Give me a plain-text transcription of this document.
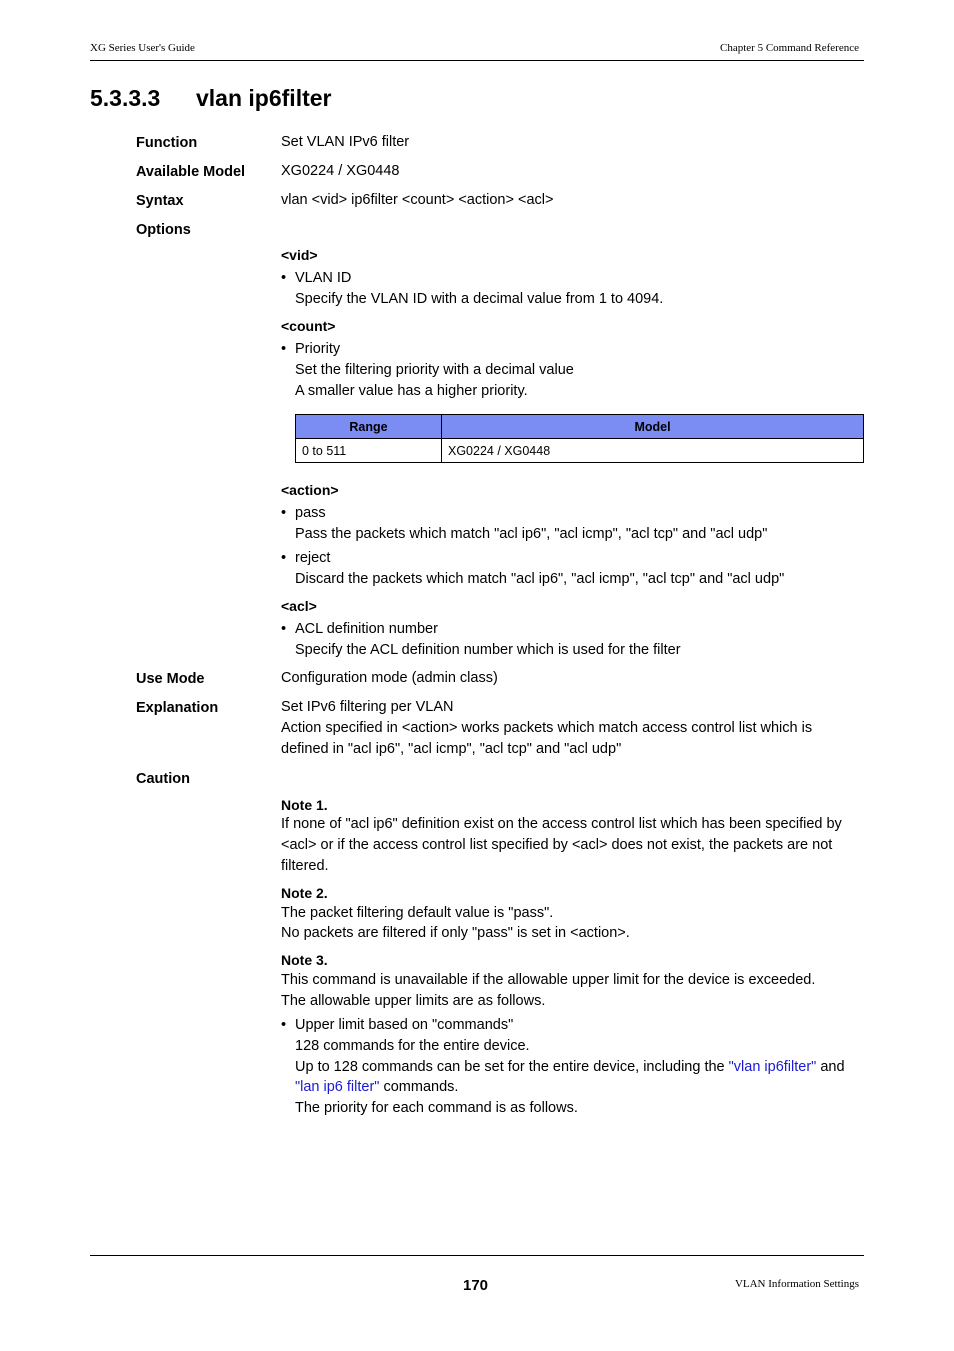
XG Series User's Guide	Chapter 5 Command Reference
5.3.3.3 vlan ip6filter
Function	Set VLAN IPv6 filter
Available Model XG0224 / XG0448
Syntax	vlan <vid> ip6filter <count> <action> <acl>
Options
<vid>
• VLAN ID
Specify the VLAN ID with a decimal value from 1 to 4094.
<count>
• Priority
Set the filtering priority with a decimal value
A smaller value has a higher priority.
Range	Model
0 to 511	XG0224 / XG0448
<action>
• pass
Pass the packets which match "acl ip6", "acl icmp", "acl tcp" and "acl udp"
• reject
Discard the packets which match "acl ip6", "acl icmp", "acl tcp" and "acl udp"
<acl>
• ACL definition number
Specify the ACL definition number which is used for the filter
Use Mode	Configuration mode (admin class)
Explanation	Set IPv6 filtering per VLAN
Action specified in <action> works packets which match access control list which is
defined in "acl ip6", "acl icmp", "acl tcp" and "acl udp"
Caution
Note 1.
If none of "acl ip6" definition exist on the access control list which has been specified by
<acl> or if the access control list specified by <acl> does not exist, the packets are not
filtered.
Note 2.
The packet filtering default value is "pass".
No packets are filtered if only "pass" is set in <action>.
Note 3.
This command is unavailable if the allowable upper limit for the device is exceeded.
The allowable upper limits are as follows.
• Upper limit based on "commands"
128 commands for the entire device.
Up to 128 commands can be set for the entire device, including the "vlan ip6filter" and
"lan ip6 filter" commands.
The priority for each command is as follows.
170	VLAN Information Settings
